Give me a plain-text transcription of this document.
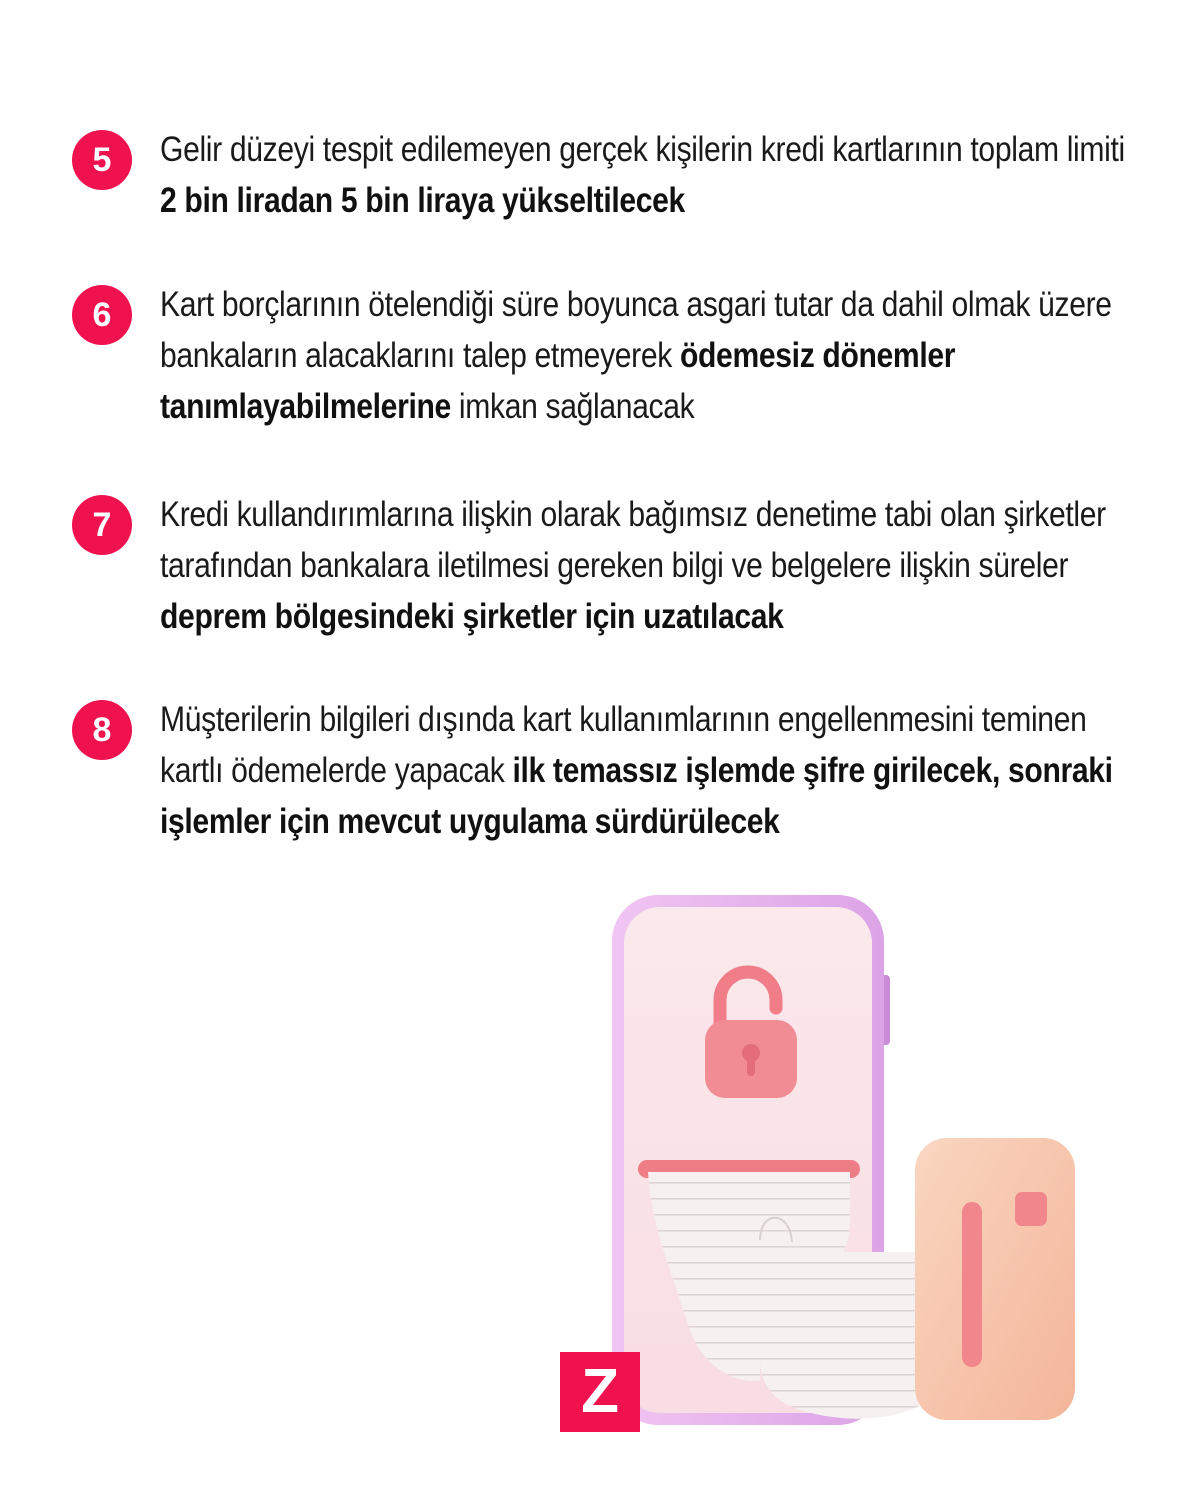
5	Gelir düzeyi tespit edilemeyen gerçek kişilerin kredi kartlarının toplam limiti 2 bin liradan 5 bin liraya yükseltilecek
6	Kart borçlarının ötelendiği süre boyunca asgari tutar da dahil olmak üzere bankaların alacaklarını talep etmeyerek ödemesiz dönemler tanımlayabilmelerine imkan sağlanacak
7	Kredi kullandırımlarına ilişkin olarak bağımsız denetime tabi olan şirketler tarafından bankalara iletilmesi gereken bilgi ve belgelere ilişkin süreler deprem bölgesindeki şirketler için uzatılacak
8	Müşterilerin bilgileri dışında kart kullanımlarının engellenmesini teminen kartlı ödemelerde yapacak ilk temassız işlemde şifre girilecek, sonraki işlemler için mevcut uygulama sürdürülecek
Z
